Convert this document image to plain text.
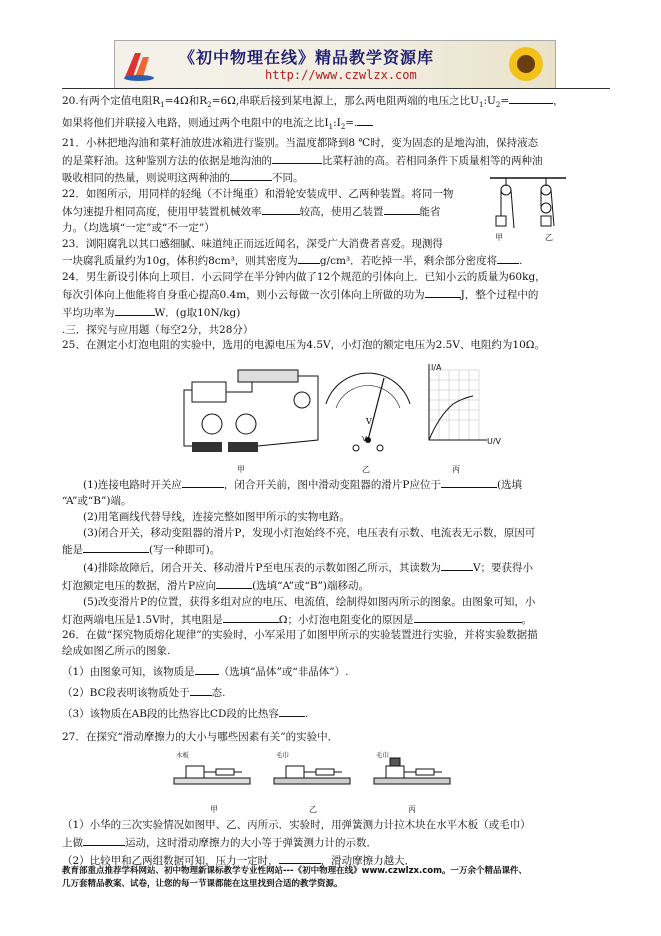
《初中物理在线》精品教学资源库
http://www.czwlzx.com

20.有两个定值电阻$R_1=4\Omega$和$R_2=6\Omega$,串联后接到某电源上，那么两电阻两端的电压之比$U_1:U_2=$	，

如果将他们并联接入电路，则通过两个电阻中的电流之比$I_1:I_2=$.

21．小林把地沟油和菜籽油放进冰箱进行鉴别。当温度都降到8 ℃时，变为固态的是地沟油，保持液态

的是菜籽油。这种鉴别方法的依据是地沟油的	比菜籽油的高。若相同条件下质量相等的两种油

吸收相同的热量，则说明这两种油的	不同。

22．如图所示，用同样的轻绳（不计绳重）和滑轮安装成甲、乙两种装置。将同一物

体匀速提升相同高度，使用甲装置机械效率	较高，使用乙装置	能省

力。（均选填“一定”或“不一定”）

23．浏阳腐乳以其口感细腻、味道纯正而远近闻名，深受广大消费者喜爱。现测得

一块腐乳质量约为10g，体积约8cm³，则其密度为 g/cm³．若吃掉一半，剩余部分密度将 .

24．男生新设引体向上项目．小云同学在半分钟内做了12个规范的引体向上．已知小云的质量为60kg，

每次引体向上他能将自身重心提高0.4m，则小云每做一次引体向上所做的功为	J，整个过程中的

平均功率为	W．(g取10N/kg)

.三．探究与应用题（每空2分，共28分）

25、在测定小灯泡电阻的实验中，选用的电源电压为4.5V，小灯泡的额定电压为2.5V、电阻约为10Ω。

甲
V
乙
V
I/A
U/V
丙

(1)连接电路时开关应	，闭合开关前，图中滑动变阻器的滑片P应位于	(选填

“A”或“B”)端。

(2)用笔画线代替导线，连接完整如图甲所示的实物电路。

(3)闭合开关，移动变阻器的滑片P，发现小灯泡始终不亮，电压表有示数、电流表无示数，原因可

能是	(写一种即可)。

(4)排除故障后，闭合开关、移动滑片P至电压表的示数如图乙所示，其读数为	V；要获得小

灯泡额定电压的数据，滑片P应向	(选填“A”或“B”)端移动。

(5)改变滑片P的位置，获得多组对应的电压、电流值，绘制得如图丙所示的图象。由图象可知，小

灯泡两端电压是1.5V时，其电阻是	Ω；小灯泡电阻变化的原因是	。

26．在做“探究物质熔化规律”的实验时，小军采用了如图甲所示的实验装置进行实验，并将实验数据描

绘成如图乙所示的图象.

（1）由图象可知，该物质是 （选填“晶体”或“非晶体”）.

（2）BC段表明该物质处于 态.

（3）该物质在AB段的比热容比CD段的比热容 .

27．在探究“滑动摩擦力的大小与哪些因素有关”的实验中．

木板
甲
毛巾
乙
毛巾
丙

（1）小华的三次实验情况如图甲、乙、丙所示．实验时，用弹簧测力计拉木块在水平木板（或毛巾）

上做	运动，这时滑动摩擦力的大小等于弹簧测力计的示数．

（2）比较甲和乙两组数据可知，压力一定时，	，滑动摩擦力越大．

甲	乙
教育部重点推荐学科网站、初中物理新课标教学专业性网站---《初中物理在线》www.czwlzx.com。一万余个精品课件、
几万套精品教案、试卷，让您的每一节课都能在这里找到合适的教学资源。
